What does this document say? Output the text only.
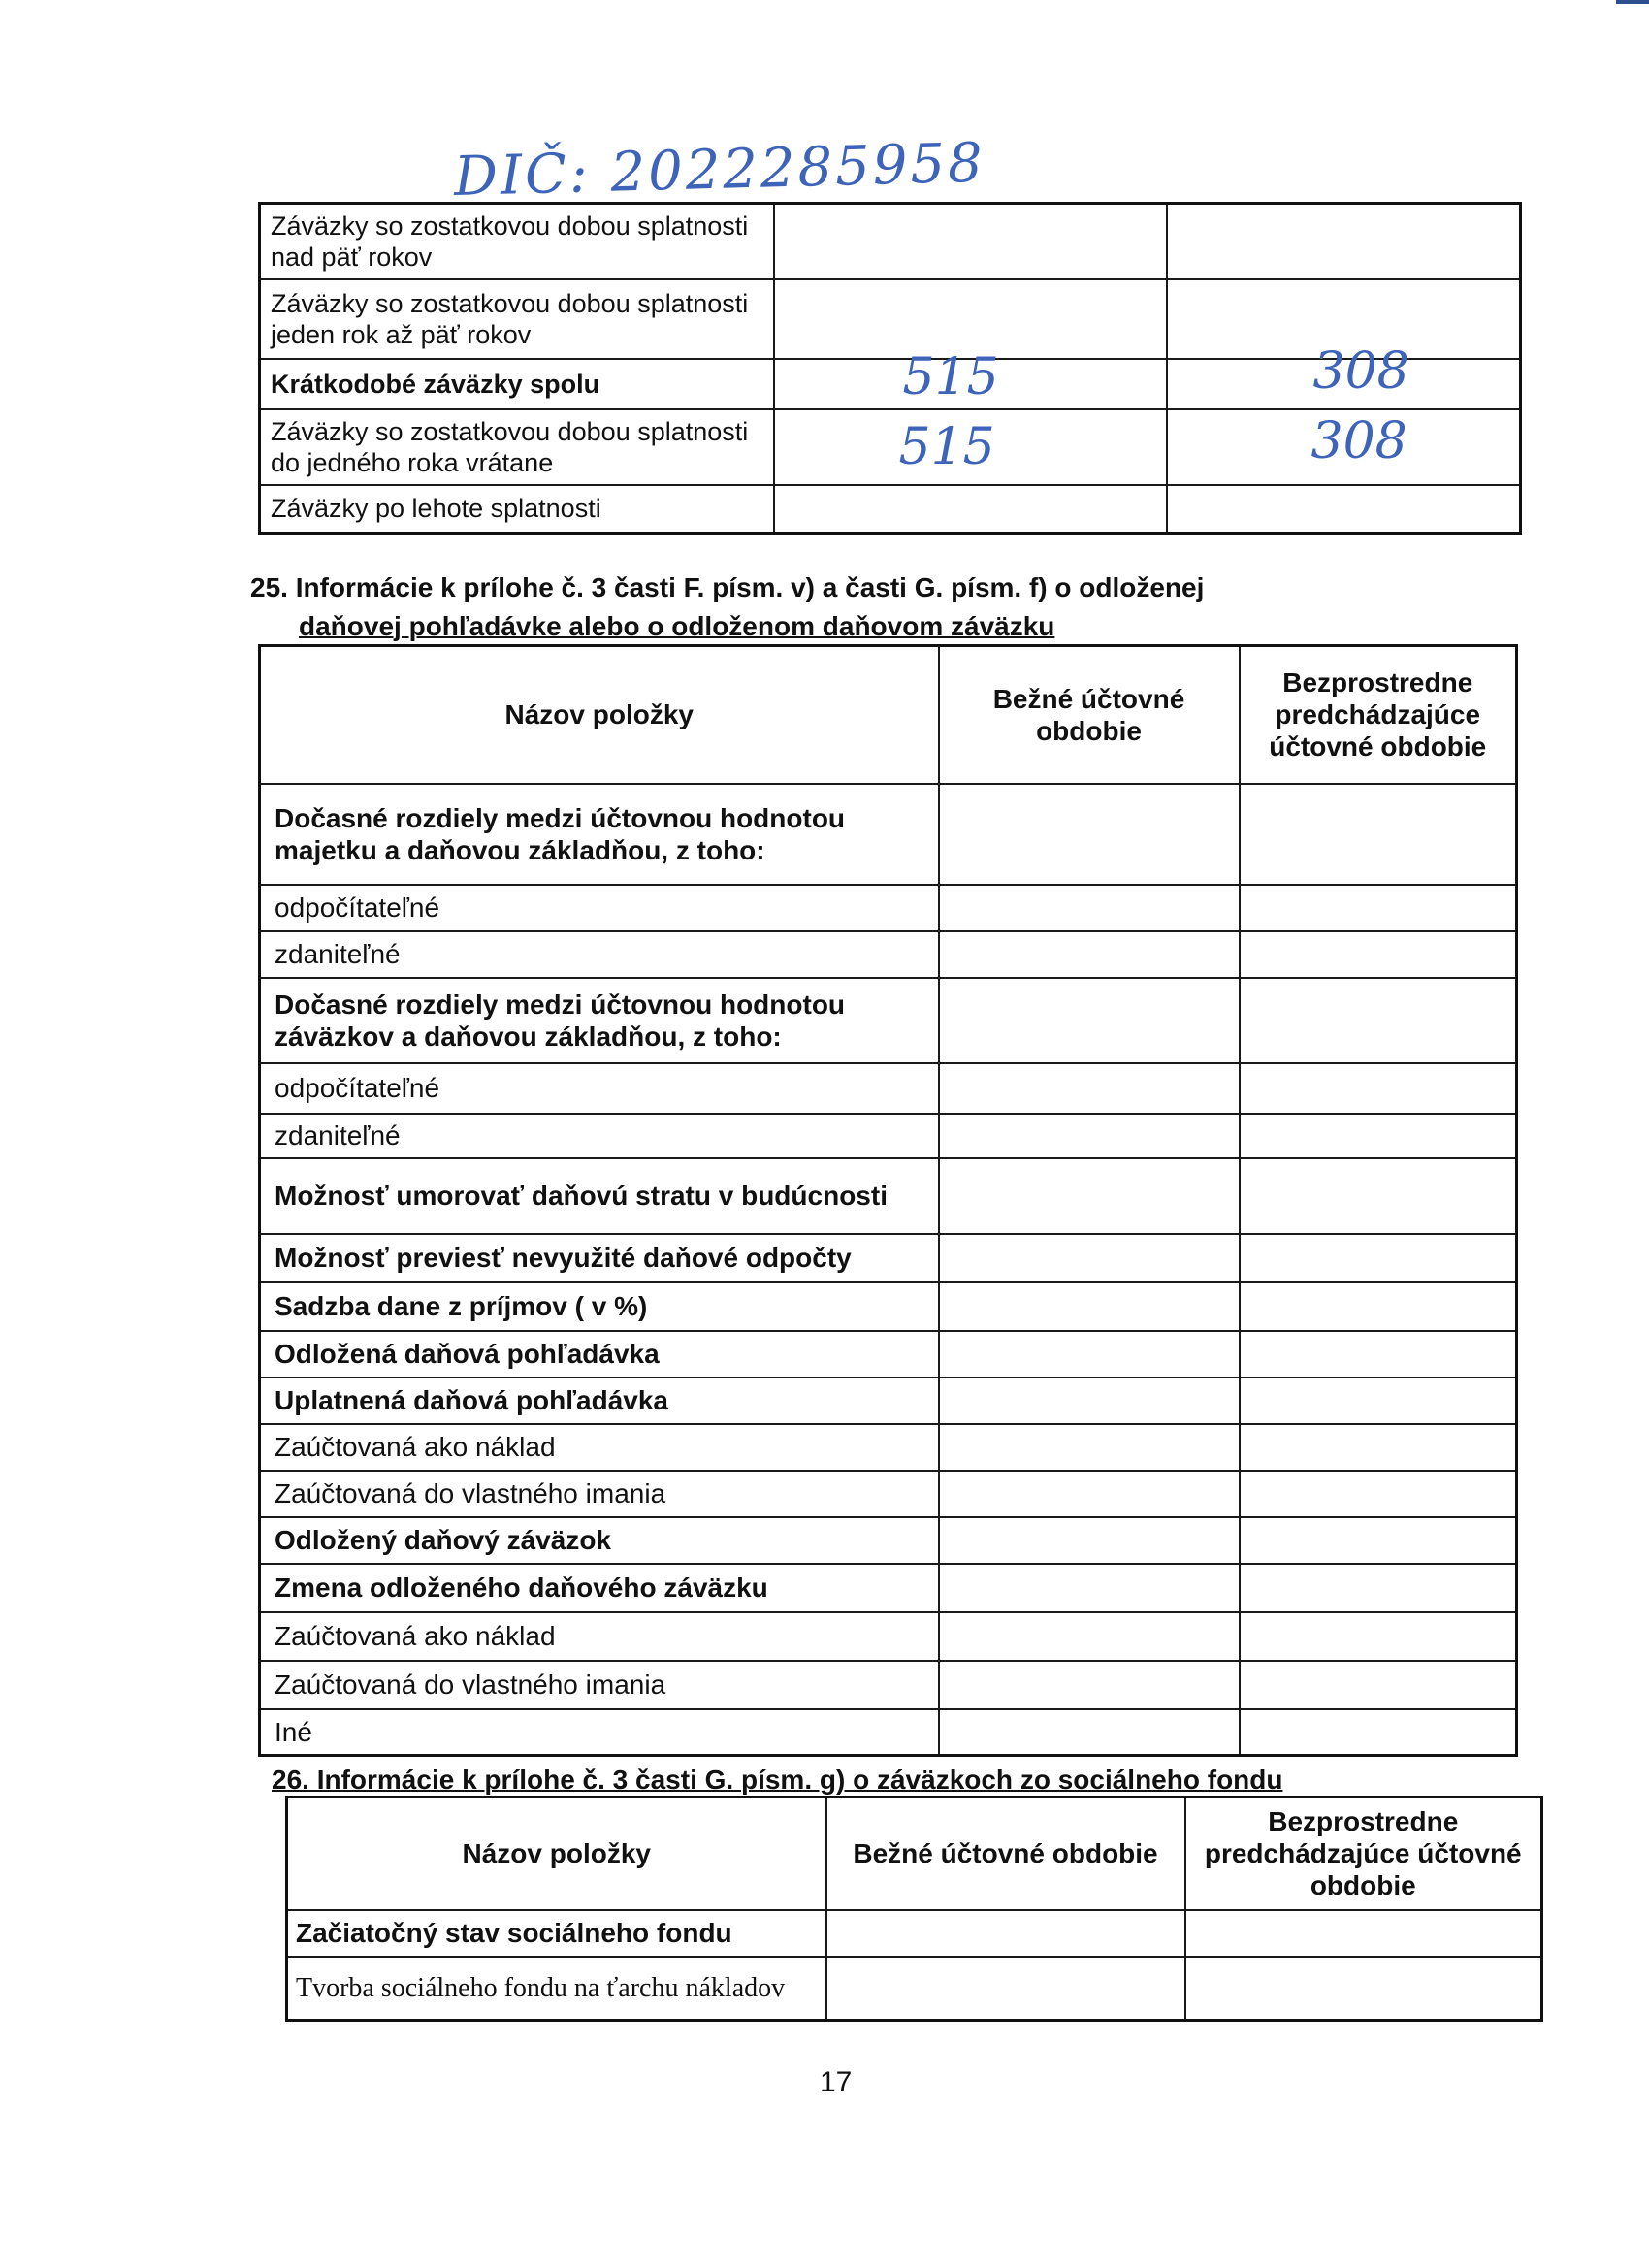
DIČ: 2022285958
Záväzky so zostatkovou dobou splatnosti nad päť rokov		
Záväzky so zostatkovou dobou splatnosti jeden rok až päť rokov		
Krátkodobé záväzky spolu	515	308

Záväzky so zostatkovou dobou splatnosti do jedného roka vrátane	515	308

Záväzky po lehote splatnosti		
25. Informácie k prílohe č. 3 časti F. písm. v) a časti G. písm. f) o odloženej
daňovej pohľadávke alebo o odloženom daňovom záväzku
Názov položky	Bežné účtovné obdobie	Bezprostredne predchádzajúce účtovné obdobie
Dočasné rozdiely medzi účtovnou hodnotou majetku a daňovou základňou, z toho:		
odpočítateľné		
zdaniteľné		
Dočasné rozdiely medzi účtovnou hodnotou záväzkov a daňovou základňou, z toho:		
odpočítateľné		
zdaniteľné		
Možnosť umorovať daňovú stratu v budúcnosti		
Možnosť previesť nevyužité daňové odpočty		
Sadzba dane z príjmov ( v %)		
Odložená daňová pohľadávka		
Uplatnená daňová pohľadávka		
Zaúčtovaná ako náklad		
Zaúčtovaná do vlastného imania		
Odložený daňový záväzok		
Zmena odloženého daňového záväzku		
Zaúčtovaná ako náklad		
Zaúčtovaná do vlastného imania		
Iné		
26. Informácie k prílohe č. 3 časti G. písm. g) o záväzkoch zo sociálneho fondu
Názov položky	Bežné účtovné obdobie	Bezprostredne predchádzajúce účtovné obdobie
Začiatočný stav sociálneho fondu		
Tvorba sociálneho fondu na ťarchu nákladov		
17
